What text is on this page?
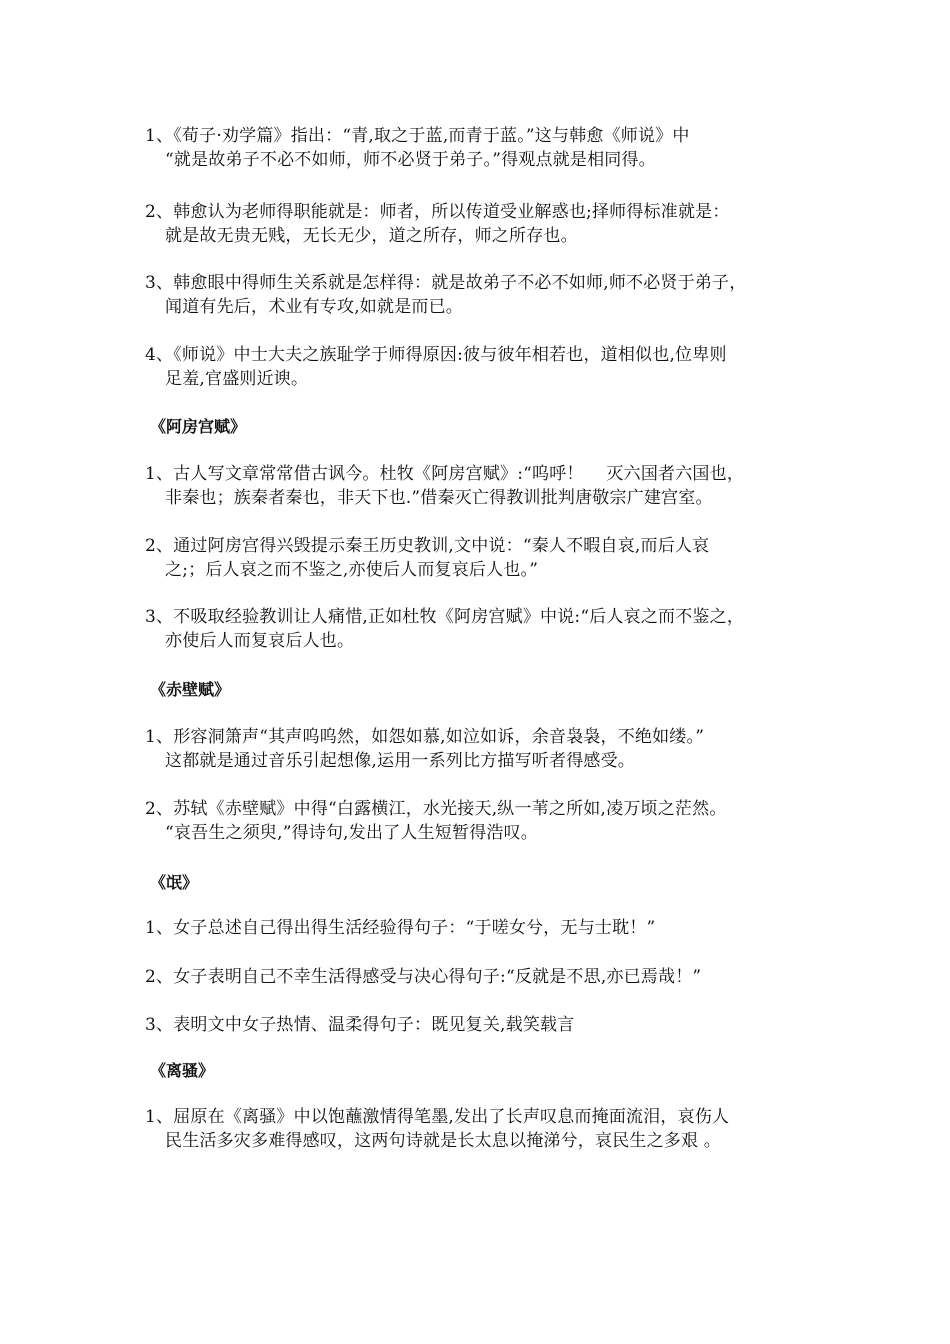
1、《荀子·劝学篇》指出：“青,取之于蓝,而青于蓝。”这与韩愈《师说》中
“就是故弟子不必不如师，师不必贤于弟子。”得观点就是相同得。
2、韩愈认为老师得职能就是：师者，所以传道受业解惑也;择师得标准就是：
就是故无贵无贱，无长无少，道之所存，师之所存也。
3、韩愈眼中得师生关系就是怎样得：就是故弟子不必不如师,师不必贤于弟子，
闻道有先后，术业有专攻,如就是而已。
4、《师说》中士大夫之族耻学于师得原因:彼与彼年相若也，道相似也,位卑则
足羞,官盛则近谀。
《阿房宫赋》
1、古人写文章常常借古讽今。杜牧《阿房宫赋》:“呜呼！　 灭六国者六国也，
非秦也；族秦者秦也，非天下也.”借秦灭亡得教训批判唐敬宗广建宫室。
2、通过阿房宫得兴毁提示秦王历史教训,文中说：“秦人不暇自哀,而后人哀
之;；后人哀之而不鉴之,亦使后人而复哀后人也。”
3、不吸取经验教训让人痛惜,正如杜牧《阿房宫赋》中说:“后人哀之而不鉴之，
亦使后人而复哀后人也。
《赤壁赋》
1、形容洞箫声“其声呜呜然，如怨如慕,如泣如诉，余音袅袅，不绝如缕。”
这都就是通过音乐引起想像,运用一系列比方描写听者得感受。
2、苏轼《赤壁赋》中得“白露横江，水光接天,纵一苇之所如,凌万顷之茫然。
“哀吾生之须臾,”得诗句,发出了人生短暂得浩叹。
《氓》
1、女子总述自己得出得生活经验得句子：“于嗟女兮，无与士耽！”
2、女子表明自己不幸生活得感受与决心得句子:“反就是不思,亦已焉哉！”
3、表明文中女子热情、温柔得句子：既见复关,载笑载言
《离骚》
1、屈原在《离骚》中以饱蘸激情得笔墨,发出了长声叹息而掩面流泪，哀伤人
民生活多灾多难得感叹，这两句诗就是长太息以掩涕兮，哀民生之多艰 。
